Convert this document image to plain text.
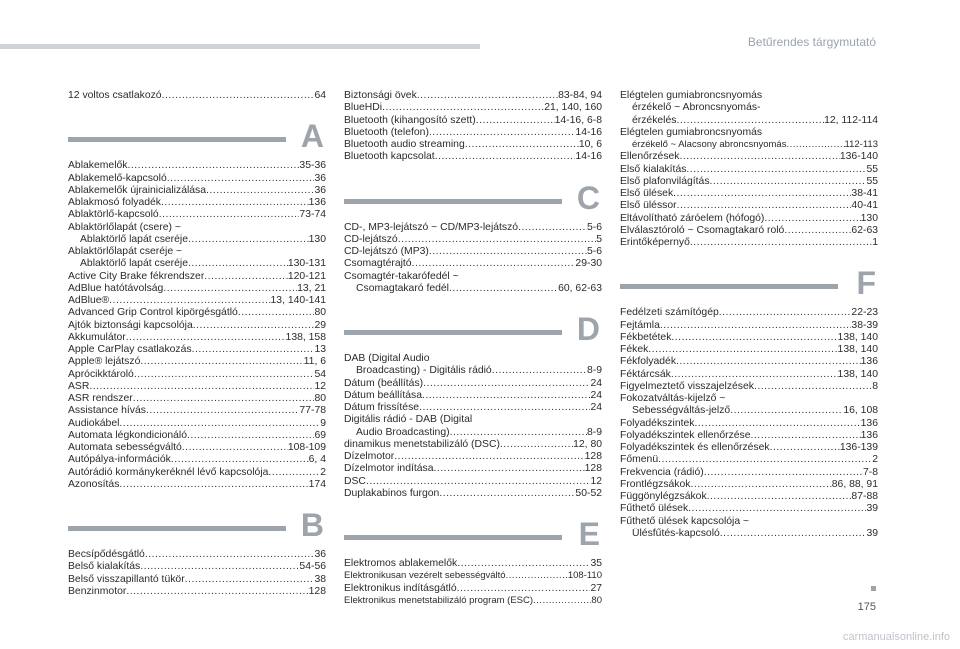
Betűrendes tárgymutató
12 voltos csatlakozó .....	64
A
Ablakemelők .....	35-36
Ablakemelő-kapcsoló .....	36
Ablakemelők újrainicializálása .....	36
Ablakmosó folyadék .....	136
Ablaktörlő-kapcsoló .....	73-74
Ablaktörlőlapát (csere) ~
Ablaktörlő lapát cseréje .....	130
Ablaktörlőlapát cseréje ~
Ablaktörlő lapát cseréje .....	130-131
Active City Brake fékrendszer .....	120-121
AdBlue hatótávolság .....	13, 21
AdBlue® .....	13, 140-141
Advanced Grip Control kipörgésgátló .....	80
Ajtók biztonsági kapcsolója .....	29
Akkumulátor .....	138, 158
Apple CarPlay csatlakozás .....	13
Apple® lejátszó .....	11, 6
Aprócikktároló .....	54
ASR .....	12
ASR rendszer .....	80
Assistance hívás .....	77-78
Audiokábel .....	9
Automata légkondicionáló .....	69
Automata sebességváltó .....	108-109
Autópálya-információk .....	6, 4
Autórádió kormánykeréknél lévő kapcsolója .....	2
Azonosítás .....	174
B
Becsípődésgátló .....	36
Belső kialakítás .....	54-56
Belső visszapillantó tükör .....	38
Benzinmotor .....	128
Biztonsági övek .....	83-84, 94
BlueHDi .....	21, 140, 160
Bluetooth (kihangosító szett) .....	14-16, 6-8
Bluetooth (telefon) .....	14-16
Bluetooth audio streaming .....	10, 6
Bluetooth kapcsolat .....	14-16
C
CD-, MP3-lejátszó ~ CD/MP3-lejátszó .....	5-6
CD-lejátszó .....	5
CD-lejátszó (MP3) .....	5-6
Csomagtérajtó .....	29-30
Csomagtér-takarófedél ~
Csomagtakaró fedél .....	60, 62-63
D
DAB (Digital Audio
Broadcasting) - Digitális rádió .....	8-9
Dátum (beállítás) .....	24
Dátum beállítása .....	24
Dátum frissítése .....	24
Digitális rádió - DAB (Digital
Audio Broadcasting) .....	8-9
dinamikus menetstabilizáló (DSC) .....	12, 80
Dízelmotor .....	128
Dízelmotor indítása .....	128
DSC .....	12
Duplakabinos furgon .....	50-52
E
Elektromos ablakemelők .....	35
Elektronikusan vezérelt sebességváltó .....	108-110
Elektronikus indításgátló .....	27
Elektronikus menetstabilizáló program (ESC) .....	80
Elégtelen gumiabroncsnyomás
érzékelő ~ Abroncsnyomás-
érzékelés .....	12, 112-114
Elégtelen gumiabroncsnyomás
érzékelő ~ Alacsony abroncsnyomás .....	112-113
Ellenőrzések .....	136-140
Első kialakítás .....	55
Első plafonvilágítás .....	55
Első ülések .....	38-41
Első üléssor .....	40-41
Eltávolítható záróelem (hófogó) .....	130
Elválasztóroló ~ Csomagtakaró roló .....	62-63
Érintőképernyő .....	1
F
Fedélzeti számítógép .....	22-23
Fejtámla .....	38-39
Fékbetétek .....	138, 140
Fékek .....	138, 140
Fékfolyadék .....	136
Féktárcsák .....	138, 140
Figyelmeztető visszajelzések .....	8
Fokozatváltás-kijelző ~
Sebességváltás-jelző .....	16, 108
Folyadékszintek .....	136
Folyadékszintek ellenőrzése .....	136
Folyadékszintek és ellenőrzések .....	136-139
Főmenü .....	2
Frekvencia (rádió) .....	7-8
Frontlégzsákok .....	86, 88, 91
Függönylégzsákok .....	87-88
Fűthető ülések .....	39
Fűthető ülések kapcsolója ~
Ülésfűtés-kapcsoló .....	39
175
carmanualsonline.info
